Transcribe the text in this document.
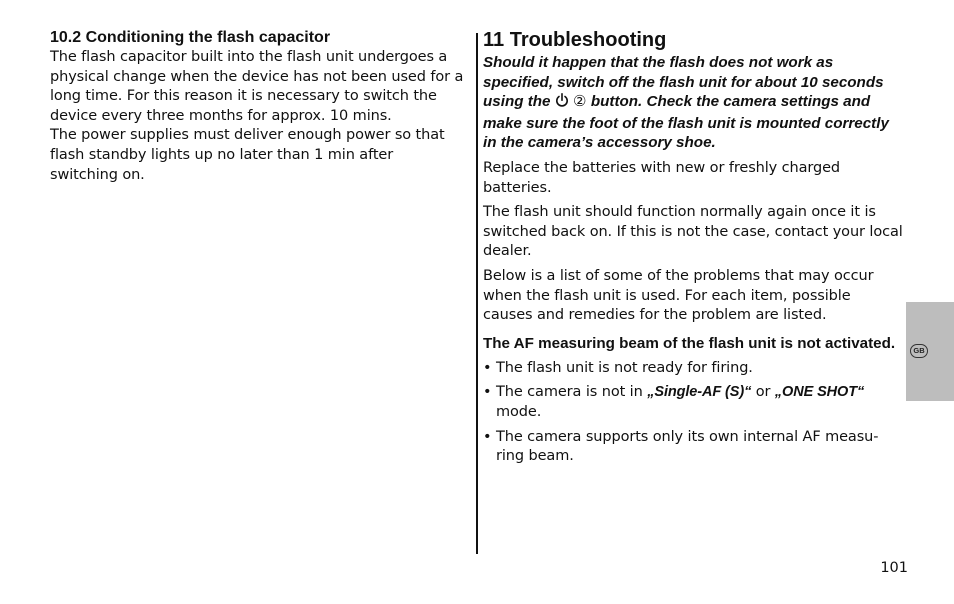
10.2 Conditioning the flash capacitor

The flash capacitor built into the flash unit undergoes a physical change when the device has not been used for a long time. For this reason it is necessary to switch the device every three months for approx. 10 mins.

The power supplies must deliver enough power so that flash standby lights up no later than 1 min after switching on.

11 Troubleshooting

Should it happen that the flash does not work as specified, switch off the flash unit for about 10 seconds using the ② button. Check the camera settings and make sure the foot of the flash unit is mounted correctly in the camera’s accessory shoe.

Replace the batteries with new or freshly charged batteries.

The flash unit should function normally again once it is switched back on. If this is not the case, contact your local dealer.

Below is a list of some of the problems that may occur when the flash unit is used. For each item, possible causes and remedies for the problem are listed.

The AF measuring beam of the flash unit is not activated.
• The flash unit is not ready for firing.
• The camera is not in „Single-AF (S)“ or „ONE SHOT“ mode.
• The camera supports only its own internal AF measu-ring beam.
GB
101
